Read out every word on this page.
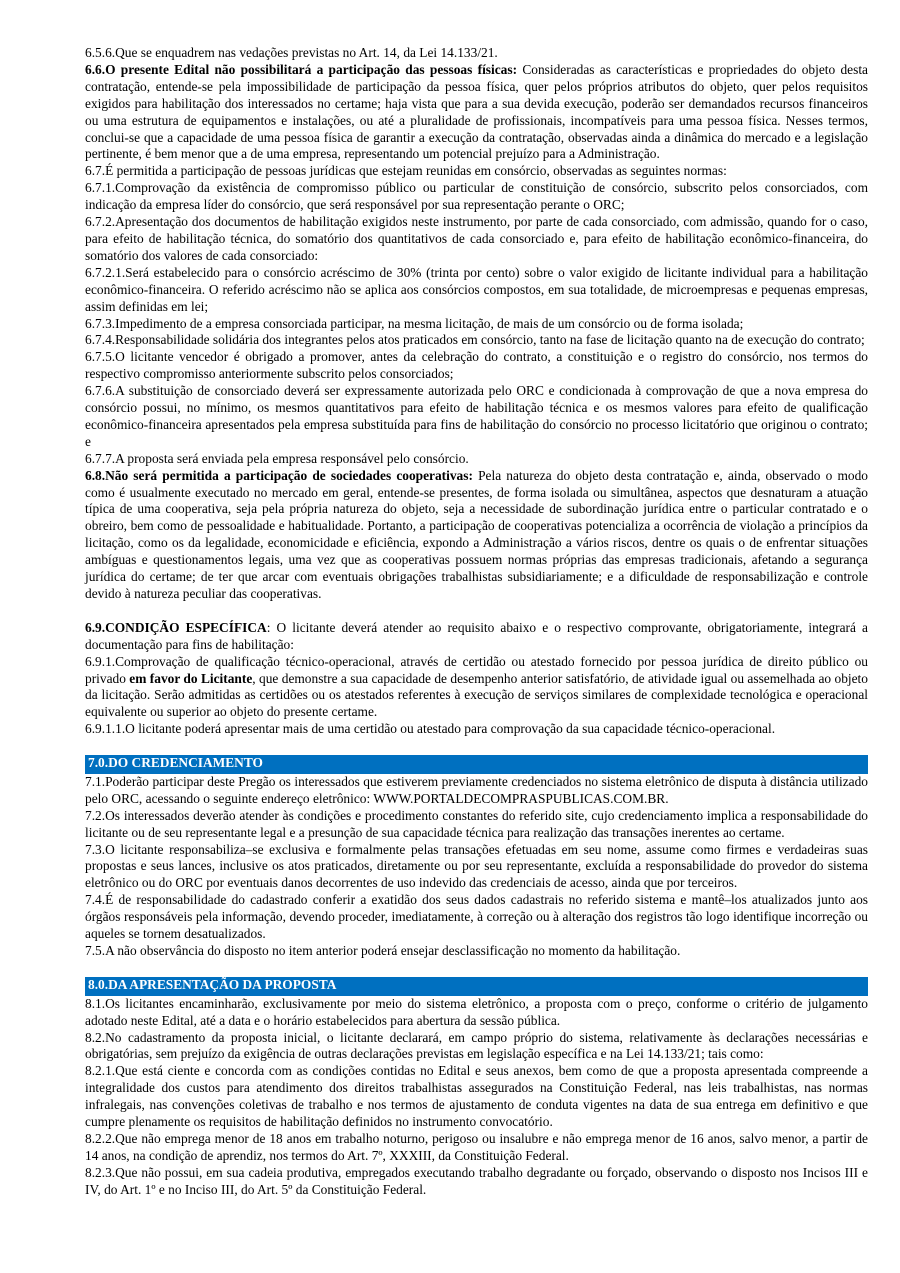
6.5.6.Que se enquadrem nas vedações previstas no Art. 14, da Lei 14.133/21.
6.6.O presente Edital não possibilitará a participação das pessoas físicas: Consideradas as características e propriedades do objeto desta contratação, entende-se pela impossibilidade de participação da pessoa física, quer pelos próprios atributos do objeto, quer pelos requisitos exigidos para habilitação dos interessados no certame; haja vista que para a sua devida execução, poderão ser demandados recursos financeiros ou uma estrutura de equipamentos e instalações, ou até a pluralidade de profissionais, incompatíveis para uma pessoa física. Nesses termos, conclui-se que a capacidade de uma pessoa física de garantir a execução da contratação, observadas ainda a dinâmica do mercado e a legislação pertinente, é bem menor que a de uma empresa, representando um potencial prejuízo para a Administração.
6.7.É permitida a participação de pessoas jurídicas que estejam reunidas em consórcio, observadas as seguintes normas:
6.7.1.Comprovação da existência de compromisso público ou particular de constituição de consórcio, subscrito pelos consorciados, com indicação da empresa líder do consórcio, que será responsável por sua representação perante o ORC;
6.7.2.Apresentação dos documentos de habilitação exigidos neste instrumento, por parte de cada consorciado, com admissão, quando for o caso, para efeito de habilitação técnica, do somatório dos quantitativos de cada consorciado e, para efeito de habilitação econômico-financeira, do somatório dos valores de cada consorciado:
6.7.2.1.Será estabelecido para o consórcio acréscimo de 30% (trinta por cento) sobre o valor exigido de licitante individual para a habilitação econômico-financeira. O referido acréscimo não se aplica aos consórcios compostos, em sua totalidade, de microempresas e pequenas empresas, assim definidas em lei;
6.7.3.Impedimento de a empresa consorciada participar, na mesma licitação, de mais de um consórcio ou de forma isolada;
6.7.4.Responsabilidade solidária dos integrantes pelos atos praticados em consórcio, tanto na fase de licitação quanto na de execução do contrato;
6.7.5.O licitante vencedor é obrigado a promover, antes da celebração do contrato, a constituição e o registro do consórcio, nos termos do respectivo compromisso anteriormente subscrito pelos consorciados;
6.7.6.A substituição de consorciado deverá ser expressamente autorizada pelo ORC e condicionada à comprovação de que a nova empresa do consórcio possui, no mínimo, os mesmos quantitativos para efeito de habilitação técnica e os mesmos valores para efeito de qualificação econômico-financeira apresentados pela empresa substituída para fins de habilitação do consórcio no processo licitatório que originou o contrato; e
6.7.7.A proposta será enviada pela empresa responsável pelo consórcio.
6.8.Não será permitida a participação de sociedades cooperativas: Pela natureza do objeto desta contratação e, ainda, observado o modo como é usualmente executado no mercado em geral, entende-se presentes, de forma isolada ou simultânea, aspectos que desnaturam a atuação típica de uma cooperativa, seja pela própria natureza do objeto, seja a necessidade de subordinação jurídica entre o particular contratado e o obreiro, bem como de pessoalidade e habitualidade. Portanto, a participação de cooperativas potencializa a ocorrência de violação a princípios da licitação, como os da legalidade, economicidade e eficiência, expondo a Administração a vários riscos, dentre os quais o de enfrentar situações ambíguas e questionamentos legais, uma vez que as cooperativas possuem normas próprias das empresas tradicionais, afetando a segurança jurídica do certame; de ter que arcar com eventuais obrigações trabalhistas subsidiariamente; e a dificuldade de responsabilização e controle devido à natureza peculiar das cooperativas.
6.9.CONDIÇÃO ESPECÍFICA: O licitante deverá atender ao requisito abaixo e o respectivo comprovante, obrigatoriamente, integrará a documentação para fins de habilitação:
6.9.1.Comprovação de qualificação técnico-operacional, através de certidão ou atestado fornecido por pessoa jurídica de direito público ou privado em favor do Licitante, que demonstre a sua capacidade de desempenho anterior satisfatório, de atividade igual ou assemelhada ao objeto da licitação. Serão admitidas as certidões ou os atestados referentes à execução de serviços similares de complexidade tecnológica e operacional equivalente ou superior ao objeto do presente certame.
6.9.1.1.O licitante poderá apresentar mais de uma certidão ou atestado para comprovação da sua capacidade técnico-operacional.
7.0.DO CREDENCIAMENTO
7.1.Poderão participar deste Pregão os interessados que estiverem previamente credenciados no sistema eletrônico de disputa à distância utilizado pelo ORC, acessando o seguinte endereço eletrônico: WWW.PORTALDECOMPRASPUBLICAS.COM.BR.
7.2.Os interessados deverão atender às condições e procedimento constantes do referido site, cujo credenciamento implica a responsabilidade do licitante ou de seu representante legal e a presunção de sua capacidade técnica para realização das transações inerentes ao certame.
7.3.O licitante responsabiliza–se exclusiva e formalmente pelas transações efetuadas em seu nome, assume como firmes e verdadeiras suas propostas e seus lances, inclusive os atos praticados, diretamente ou por seu representante, excluída a responsabilidade do provedor do sistema eletrônico ou do ORC por eventuais danos decorrentes de uso indevido das credenciais de acesso, ainda que por terceiros.
7.4.É de responsabilidade do cadastrado conferir a exatidão dos seus dados cadastrais no referido sistema e mantê–los atualizados junto aos órgãos responsáveis pela informação, devendo proceder, imediatamente, à correção ou à alteração dos registros tão logo identifique incorreção ou aqueles se tornem desatualizados.
7.5.A não observância do disposto no item anterior poderá ensejar desclassificação no momento da habilitação.
8.0.DA APRESENTAÇÃO DA PROPOSTA
8.1.Os licitantes encaminharão, exclusivamente por meio do sistema eletrônico, a proposta com o preço, conforme o critério de julgamento adotado neste Edital, até a data e o horário estabelecidos para abertura da sessão pública.
8.2.No cadastramento da proposta inicial, o licitante declarará, em campo próprio do sistema, relativamente às declarações necessárias e obrigatórias, sem prejuízo da exigência de outras declarações previstas em legislação específica e na Lei 14.133/21; tais como:
8.2.1.Que está ciente e concorda com as condições contidas no Edital e seus anexos, bem como de que a proposta apresentada compreende a integralidade dos custos para atendimento dos direitos trabalhistas assegurados na Constituição Federal, nas leis trabalhistas, nas normas infralegais, nas convenções coletivas de trabalho e nos termos de ajustamento de conduta vigentes na data de sua entrega em definitivo e que cumpre plenamente os requisitos de habilitação definidos no instrumento convocatório.
8.2.2.Que não emprega menor de 18 anos em trabalho noturno, perigoso ou insalubre e não emprega menor de 16 anos, salvo menor, a partir de 14 anos, na condição de aprendiz, nos termos do Art. 7º, XXXIII, da Constituição Federal.
8.2.3.Que não possui, em sua cadeia produtiva, empregados executando trabalho degradante ou forçado, observando o disposto nos Incisos III e IV, do Art. 1º e no Inciso III, do Art. 5º da Constituição Federal.
